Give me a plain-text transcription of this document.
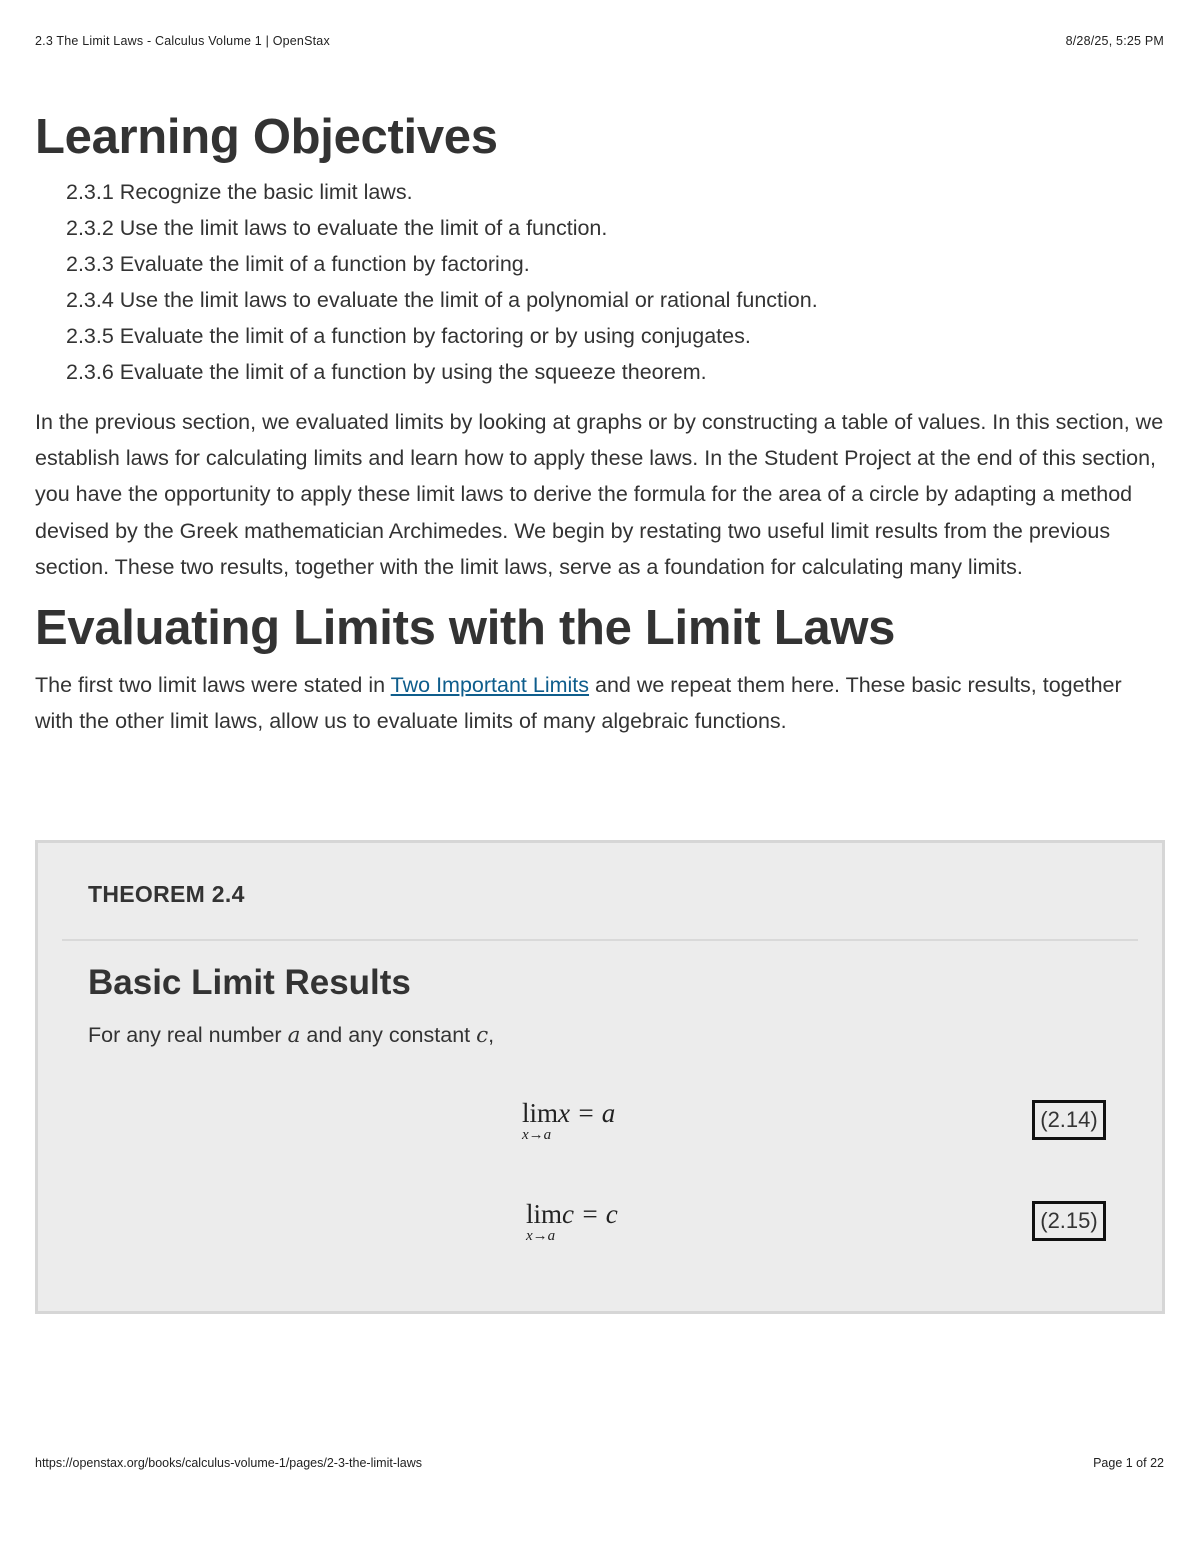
2.3 The Limit Laws - Calculus Volume 1 | OpenStax	8/28/25, 5:25 PM
Learning Objectives
2.3.1 Recognize the basic limit laws.
2.3.2 Use the limit laws to evaluate the limit of a function.
2.3.3 Evaluate the limit of a function by factoring.
2.3.4 Use the limit laws to evaluate the limit of a polynomial or rational function.
2.3.5 Evaluate the limit of a function by factoring or by using conjugates.
2.3.6 Evaluate the limit of a function by using the squeeze theorem.

In the previous section, we evaluated limits by looking at graphs or by constructing a table of values. In this section, we establish laws for calculating limits and learn how to apply these laws. In the Student Project at the end of this section, you have the opportunity to apply these limit laws to derive the formula for the area of a circle by adapting a method devised by the Greek mathematician Archimedes. We begin by restating two useful limit results from the previous section. These two results, together with the limit laws, serve as a foundation for calculating many limits.

Evaluating Limits with the Limit Laws

The first two limit laws were stated in Two Important Limits and we repeat them here. These basic results, together with the other limit laws, allow us to evaluate limits of many algebraic functions.

THEOREM 2.4
Basic Limit Results
For any real number a and any constant c,
limx = a
x→a
(2.14)
limc = c
x→a
(2.15)
https://openstax.org/books/calculus-volume-1/pages/2-3-the-limit-laws	Page 1 of 22
